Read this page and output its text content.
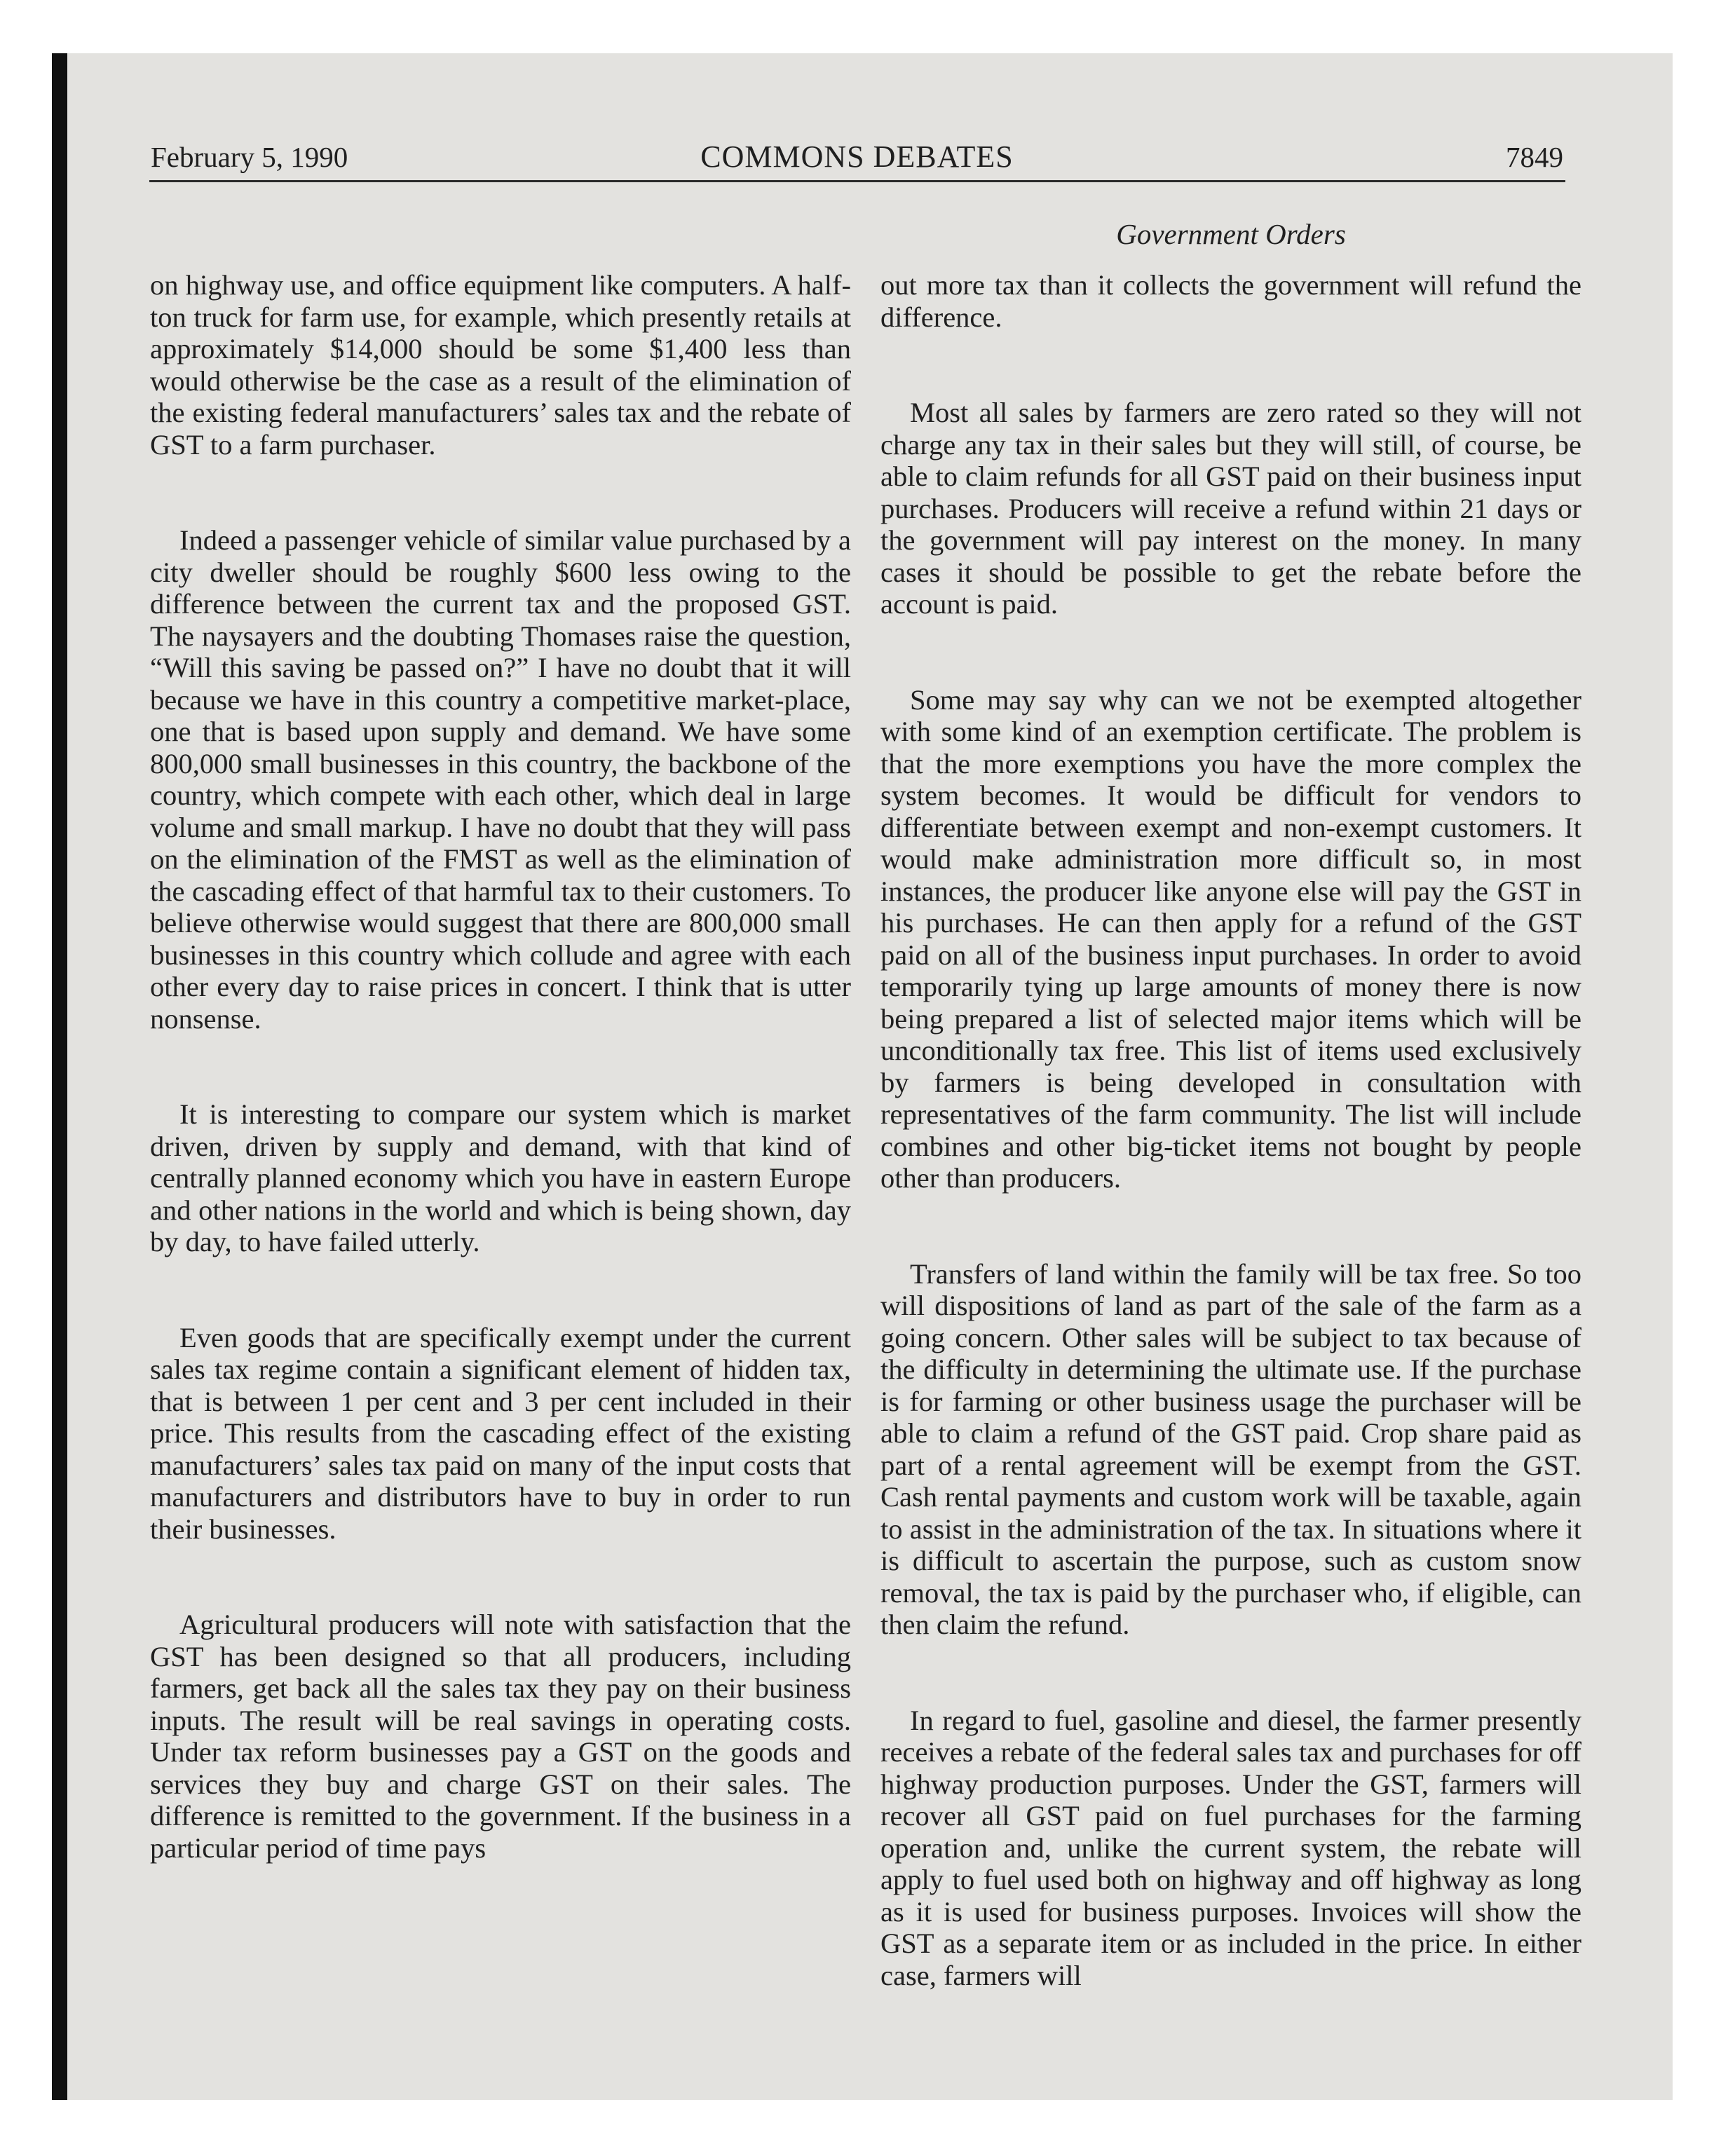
February 5, 1990	COMMONS DEBATES	7849

on highway use, and office equipment like computers. A half-ton truck for farm use, for example, which presently retails at approximately $14,000 should be some $1,400 less than would otherwise be the case as a result of the elimination of the existing federal manufacturers’ sales tax and the rebate of GST to a farm purchaser.

Indeed a passenger vehicle of similar value purchased by a city dweller should be roughly $600 less owing to the difference between the current tax and the proposed GST. The naysayers and the doubting Thomases raise the question, “Will this saving be passed on?” I have no doubt that it will because we have in this country a competitive market-place, one that is based upon supply and demand. We have some 800,000 small businesses in this country, the backbone of the country, which compete with each other, which deal in large volume and small markup. I have no doubt that they will pass on the elimination of the FMST as well as the elimination of the cascading effect of that harmful tax to their customers. To believe otherwise would suggest that there are 800,000 small businesses in this country which collude and agree with each other every day to raise prices in concert. I think that is utter nonsense.

It is interesting to compare our system which is market driven, driven by supply and demand, with that kind of centrally planned economy which you have in eastern Europe and other nations in the world and which is being shown, day by day, to have failed utterly.

Even goods that are specifically exempt under the current sales tax regime contain a significant element of hidden tax, that is between 1 per cent and 3 per cent included in their price. This results from the cascading effect of the existing manufacturers’ sales tax paid on many of the input costs that manufacturers and distributors have to buy in order to run their businesses.

Agricultural producers will note with satisfaction that the GST has been designed so that all producers, including farmers, get back all the sales tax they pay on their business inputs. The result will be real savings in operating costs. Under tax reform businesses pay a GST on the goods and services they buy and charge GST on their sales. The difference is remitted to the government. If the business in a particular period of time pays

Government Orders

out more tax than it collects the government will refund the difference.

Most all sales by farmers are zero rated so they will not charge any tax in their sales but they will still, of course, be able to claim refunds for all GST paid on their business input purchases. Producers will receive a refund within 21 days or the government will pay interest on the money. In many cases it should be possible to get the rebate before the account is paid.

Some may say why can we not be exempted altogether with some kind of an exemption certificate. The problem is that the more exemptions you have the more complex the system becomes. It would be difficult for vendors to differentiate between exempt and non-exempt customers. It would make administration more difficult so, in most instances, the producer like anyone else will pay the GST in his purchases. He can then apply for a refund of the GST paid on all of the business input purchases. In order to avoid temporarily tying up large amounts of money there is now being prepared a list of selected major items which will be unconditionally tax free. This list of items used exclusively by farmers is being developed in consultation with representatives of the farm community. The list will include combines and other big-ticket items not bought by people other than producers.

Transfers of land within the family will be tax free. So too will dispositions of land as part of the sale of the farm as a going concern. Other sales will be subject to tax because of the difficulty in determining the ultimate use. If the purchase is for farming or other business usage the purchaser will be able to claim a refund of the GST paid. Crop share paid as part of a rental agreement will be exempt from the GST. Cash rental payments and custom work will be taxable, again to assist in the administration of the tax. In situations where it is difficult to ascertain the purpose, such as custom snow removal, the tax is paid by the purchaser who, if eligible, can then claim the refund.

In regard to fuel, gasoline and diesel, the farmer presently receives a rebate of the federal sales tax and purchases for off highway production purposes. Under the GST, farmers will recover all GST paid on fuel purchases for the farming operation and, unlike the current system, the rebate will apply to fuel used both on highway and off highway as long as it is used for business purposes. Invoices will show the GST as a separate item or as included in the price. In either case, farmers will
